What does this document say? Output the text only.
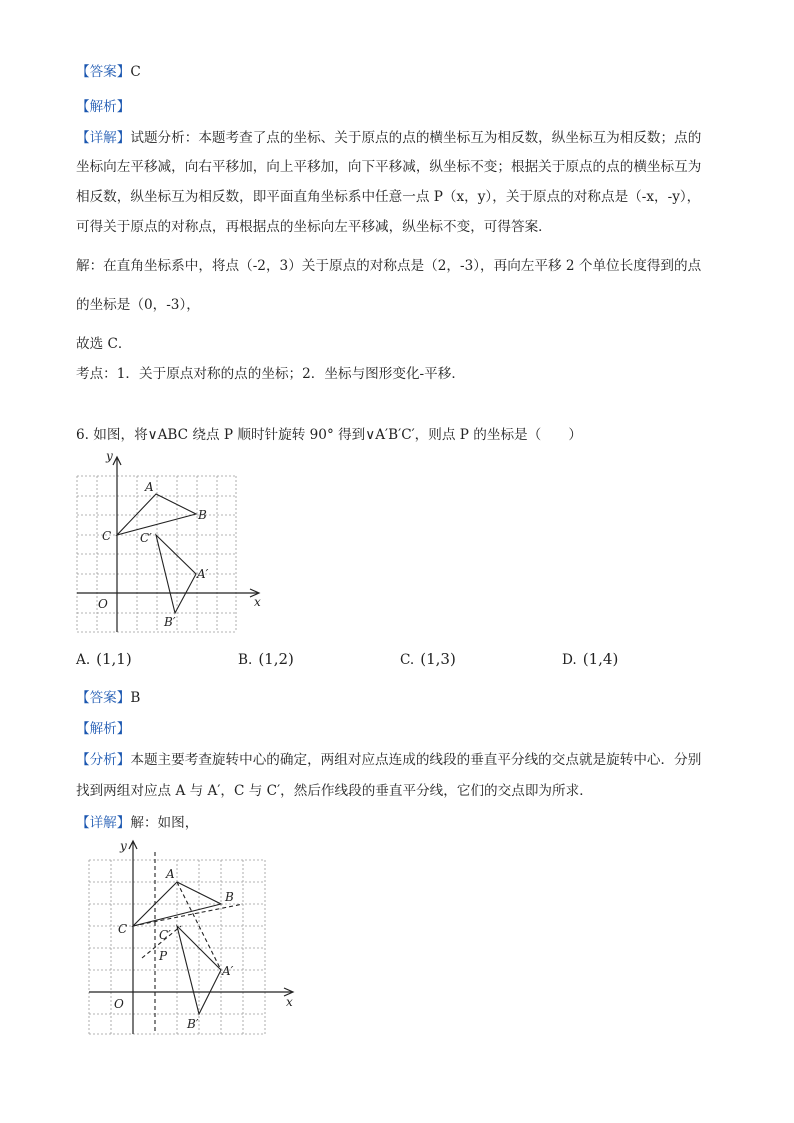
【答案】C
【解析】
【详解】试题分析：本题考查了点的坐标、关于原点的点的横坐标互为相反数，纵坐标互为相反数；点的
坐标向左平移减，向右平移加，向上平移加，向下平移减，纵坐标不变；根据关于原点的点的横坐标互为
相反数，纵坐标互为相反数，即平面直角坐标系中任意一点 P（x，y），关于原点的对称点是（-x，-y），
可得关于原点的对称点，再根据点的坐标向左平移减，纵坐标不变，可得答案．
解：在直角坐标系中，将点（-2，3）关于原点的对称点是（2，-3），再向左平移 2 个单位长度得到的点
的坐标是（0，-3），
故选 C．
考点：1．关于原点对称的点的坐标；2．坐标与图形变化-平移．
6. 如图，将∨ABC 绕点 P 顺时针旋转 90° 得到∨A′B′C′，则点 P 的坐标是（　　）
y
x
O
A
B
C C′
A′
B′
A. (1,1)	B. (1,2)	C. (1,3)	D. (1,4)
【答案】B
【解析】
【分析】本题主要考查旋转中心的确定，两组对应点连成的线段的垂直平分线的交点就是旋转中心．分别
找到两组对应点 A 与 A′，C 与 C′，然后作线段的垂直平分线，它们的交点即为所求．
【详解】解：如图，
y
x
O
A
B
C	C′
P
A′
B′
